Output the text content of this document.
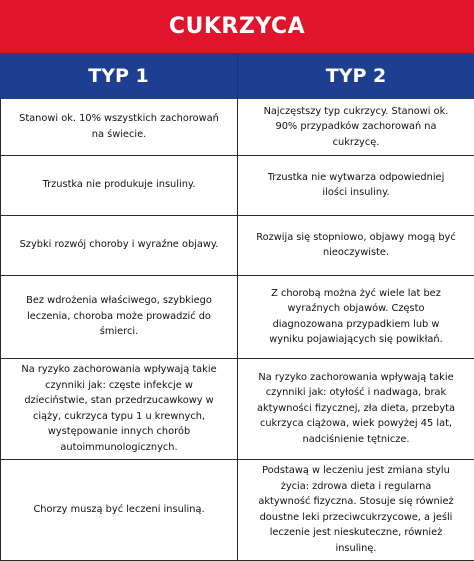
CUKRZYCA
TYP 1	TYP 2
Stanowi ok. 10% wszystkich zachorowań na świecie.	Najczęstszy typ cukrzycy. Stanowi ok. 90% przypadków zachorowań na cukrzycę.
Trzustka nie produkuje insuliny.	Trzustka nie wytwarza odpowiedniej ilości insuliny.
Szybki rozwój choroby i wyraźne objawy.	Rozwija się stopniowo, objawy mogą być nieoczywiste.
Bez wdrożenia właściwego, szybkiego leczenia, choroba może prowadzić do śmierci.	Z chorobą można żyć wiele lat bez wyraźnych objawów. Często diagnozowana przypadkiem lub w wyniku pojawiających się powikłań.
Na ryzyko zachorowania wpływają takie czynniki jak: częste infekcje w dzieciństwie, stan przedrzucawkowy w ciąży, cukrzyca typu 1 u krewnych, występowanie innych chorób autoimmunologicznych.	Na ryzyko zachorowania wpływają takie czynniki jak: otyłość i nadwaga, brak aktywności fizycznej, zła dieta, przebyta cukrzyca ciążowa, wiek powyżej 45 lat, nadciśnienie tętnicze.
Chorzy muszą być leczeni insuliną.	Podstawą w leczeniu jest zmiana stylu życia: zdrowa dieta i regularna aktywność fizyczna. Stosuje się również doustne leki przeciwcukrzycowe, a jeśli leczenie jest nieskuteczne, również insulinę.
